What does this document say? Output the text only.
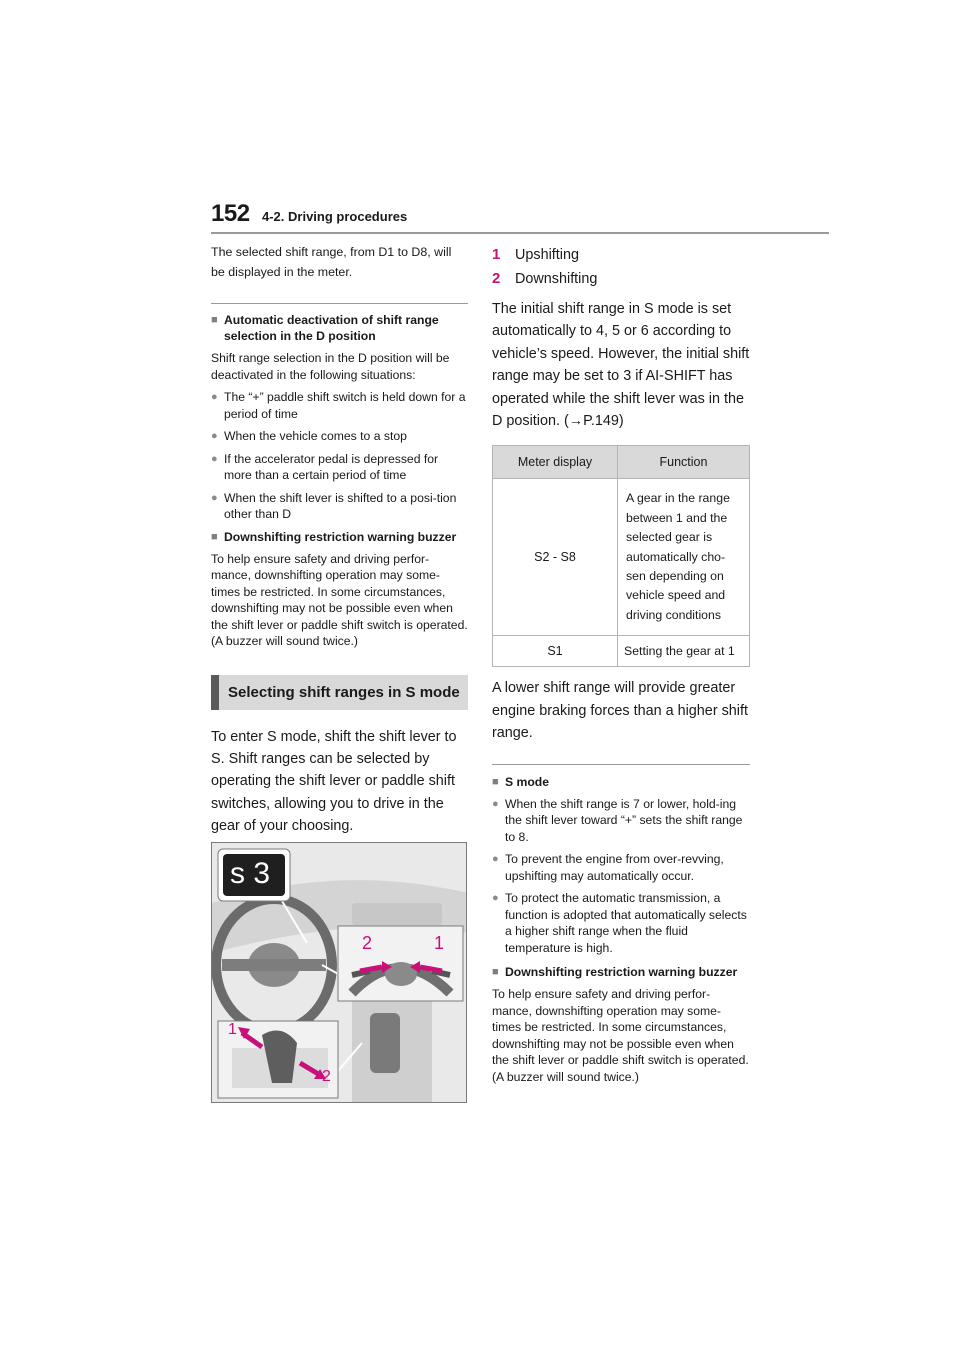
152 4-2. Driving procedures
The selected shift range, from D1 to D8, will be displayed in the meter.
■ Automatic deactivation of shift range selection in the D position
Shift range selection in the D position will be deactivated in the following situations:
● The “+” paddle shift switch is held down for a period of time
● When the vehicle comes to a stop
● If the accelerator pedal is depressed for more than a certain period of time
● When the shift lever is shifted to a posi-tion other than D
■ Downshifting restriction warning buzzer
To help ensure safety and driving perfor-mance, downshifting operation may some-times be restricted. In some circumstances, downshifting may not be possible even when the shift lever or paddle shift switch is operated. (A buzzer will sound twice.)
Selecting shift ranges in S mode
To enter S mode, shift the shift lever to S. Shift ranges can be selected by operating the shift lever or paddle shift switches, allowing you to drive in the gear of your choosing.
s 3
2	1
1
2
1	Upshifting
2	Downshifting
The initial shift range in S mode is set automatically to 4, 5 or 6 according to vehicle’s speed. However, the initial shift range may be set to 3 if AI-SHIFT has operated while the shift lever was in the D position. (→P.149)
Meter display	Function
S2 - S8	A gear in the range between 1 and the selected gear is automatically cho-sen depending on vehicle speed and driving conditions
S1	Setting the gear at 1
A lower shift range will provide greater engine braking forces than a higher shift range.
■ S mode
● When the shift range is 7 or lower, hold-ing the shift lever toward “+” sets the shift range to 8.
● To prevent the engine from over-revving, upshifting may automatically occur.
● To protect the automatic transmission, a function is adopted that automatically selects a higher shift range when the fluid temperature is high.
■ Downshifting restriction warning buzzer
To help ensure safety and driving perfor-mance, downshifting operation may some-times be restricted. In some circumstances, downshifting may not be possible even when the shift lever or paddle shift switch is operated. (A buzzer will sound twice.)
